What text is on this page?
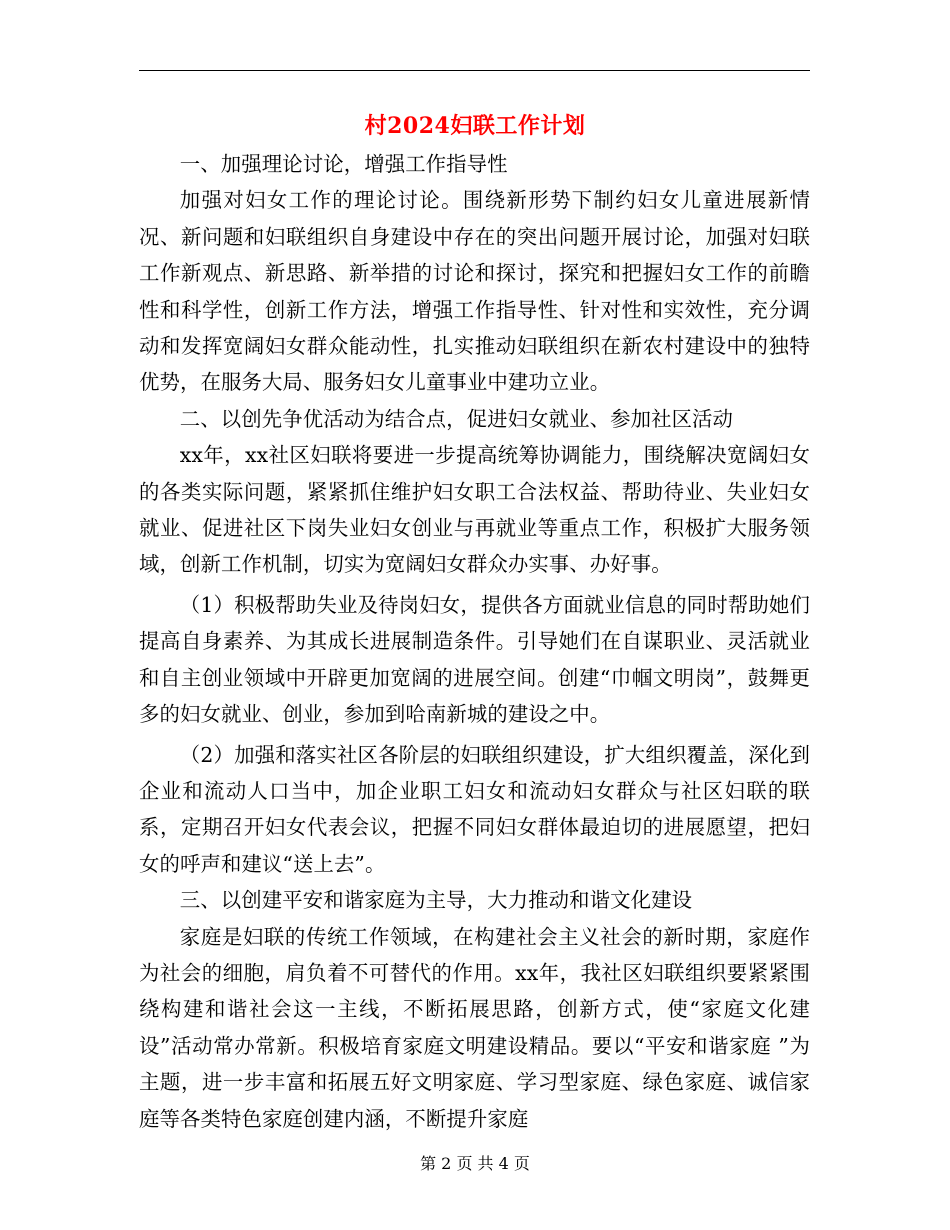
村2024妇联工作计划

一、加强理论讨论，增强工作指导性

加强对妇女工作的理论讨论。围绕新形势下制约妇女儿童进展新情况、新问题和妇联组织自身建设中存在的突出问题开展讨论，加强对妇联工作新观点、新思路、新举措的讨论和探讨，探究和把握妇女工作的前瞻性和科学性，创新工作方法，增强工作指导性、针对性和实效性，充分调动和发挥宽阔妇女群众能动性，扎实推动妇联组织在新农村建设中的独特优势，在服务大局、服务妇女儿童事业中建功立业。

二、以创先争优活动为结合点，促进妇女就业、参加社区活动

xx年，xx社区妇联将要进一步提高统筹协调能力，围绕解决宽阔妇女的各类实际问题，紧紧抓住维护妇女职工合法权益、帮助待业、失业妇女就业、促进社区下岗失业妇女创业与再就业等重点工作，积极扩大服务领域，创新工作机制，切实为宽阔妇女群众办实事、办好事。

（1）积极帮助失业及待岗妇女，提供各方面就业信息的同时帮助她们提高自身素养、为其成长进展制造条件。引导她们在自谋职业、灵活就业和自主创业领域中开辟更加宽阔的进展空间。创建“巾帼文明岗”，鼓舞更多的妇女就业、创业，参加到哈南新城的建设之中。

（2）加强和落实社区各阶层的妇联组织建设，扩大组织覆盖，深化到企业和流动人口当中，加企业职工妇女和流动妇女群众与社区妇联的联系，定期召开妇女代表会议，把握不同妇女群体最迫切的进展愿望，把妇女的呼声和建议“送上去”。

三、以创建平安和谐家庭为主导，大力推动和谐文化建设

家庭是妇联的传统工作领域，在构建社会主义社会的新时期，家庭作为社会的细胞，肩负着不可替代的作用。xx年，我社区妇联组织要紧紧围绕构建和谐社会这一主线，不断拓展思路，创新方式，使“家庭文化建设”活动常办常新。积极培育家庭文明建设精品。要以“平安和谐家庭 ”为主题，进一步丰富和拓展五好文明家庭、学习型家庭、绿色家庭、诚信家庭等各类特色家庭创建内涵，不断提升家庭

第 2 页 共 4 页
